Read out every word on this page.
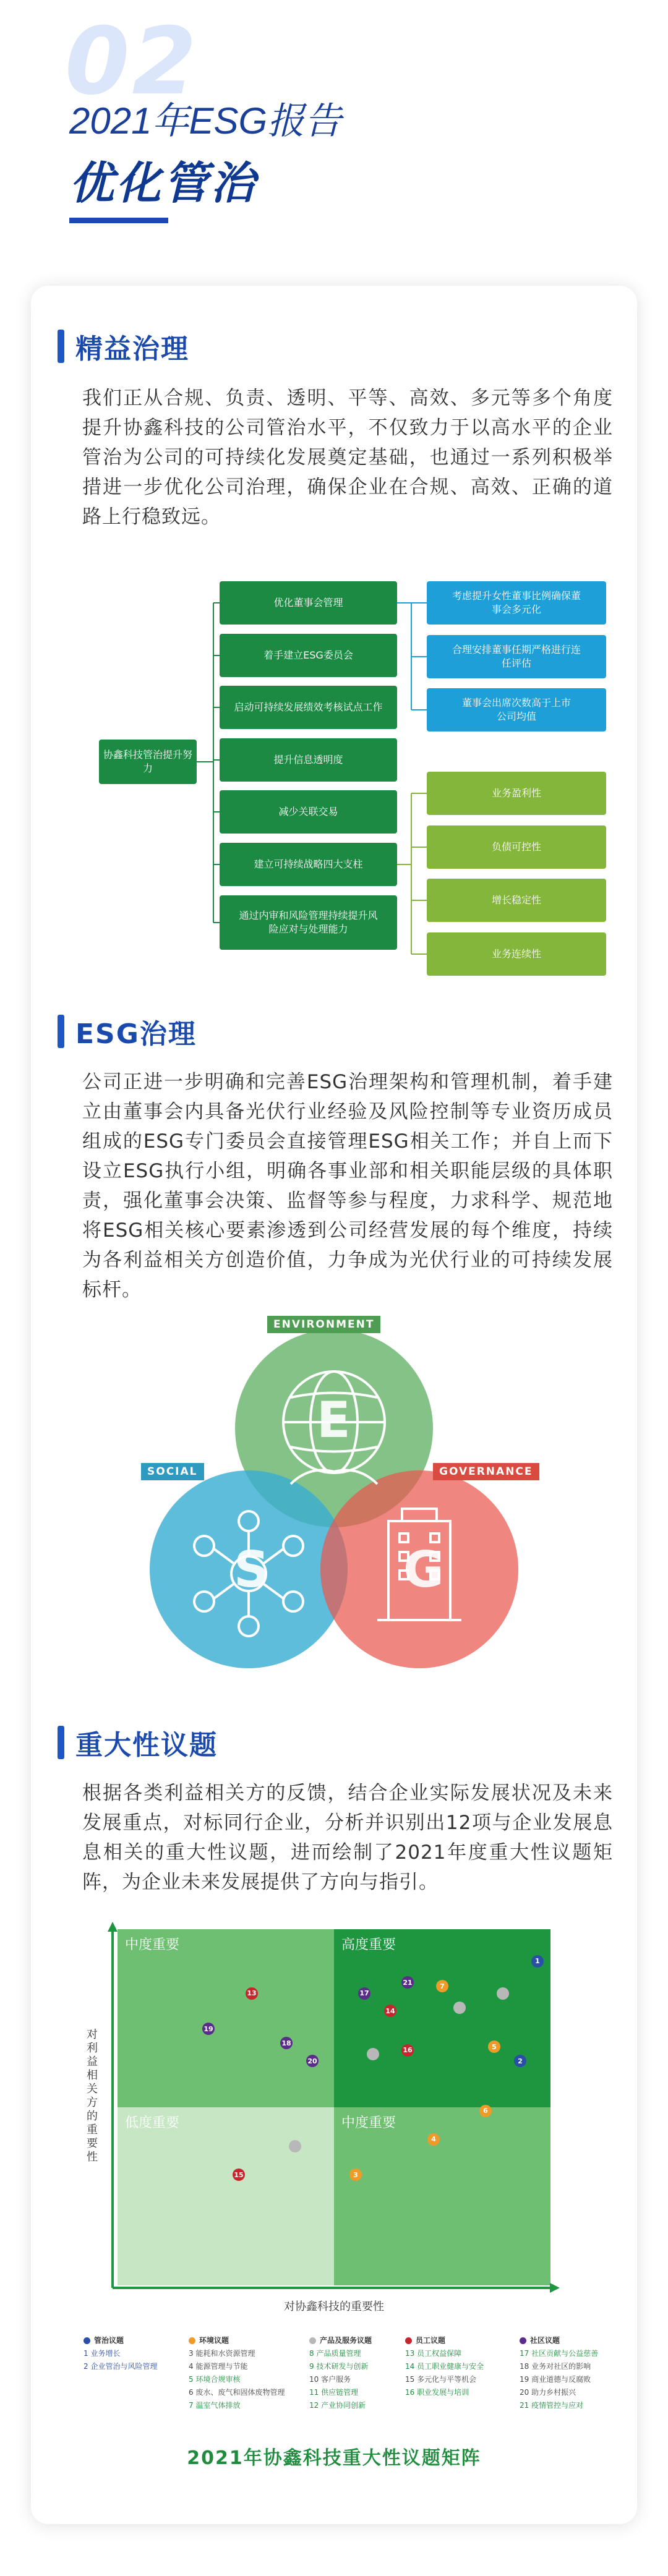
02
2021年ESG报告
优化管治
精益治理
我们正从合规、负责、透明、平等、高效、多元等多个角度提升协鑫科技的公司管治水平，不仅致力于以高水平的企业管治为公司的可持续化发展奠定基础，也通过一系列积极举措进一步优化公司治理，确保企业在合规、高效、正确的道路上行稳致远。
协鑫科技管治提升努力
优化董事会管理
着手建立ESG委员会
启动可持续发展绩效考核试点工作
提升信息透明度
减少关联交易
建立可持续战略四大支柱
通过内审和风险管理持续提升风险应对与处理能力
考虑提升女性董事比例确保董事会多元化
合理安排董事任期严格进行连任评估
董事会出席次数高于上市公司均值
业务盈利性
负债可控性
增长稳定性
业务连续性
ESG治理
公司正进一步明确和完善ESG治理架构和管理机制，着手建立由董事会内具备光伏行业经验及风险控制等专业资历成员组成的ESG专门委员会直接管理ESG相关工作；并自上而下设立ESG执行小组，明确各事业部和相关职能层级的具体职责，强化董事会决策、监督等参与程度，力求科学、规范地将ESG相关核心要素渗透到公司经营发展的每个维度，持续为各利益相关方创造价值，力争成为光伏行业的可持续发展标杆。
E
S	G
ENVIRONMENT
SOCIAL	GOVERNANCE
重大性议题
根据各类利益相关方的反馈，结合企业实际发展状况及未来发展重点，对标同行企业，分析并识别出12项与企业发展息息相关的重大性议题，进而绘制了2021年度重大性议题矩阵，为企业未来发展提供了方向与指引。
中度重要	高度重要
低度重要	中度重要
对利益相关方的重要性
对协鑫科技的重要性
13
19
18
20
1
21	7
17
14
16	5
2
6
4
3
15
管治议题
1 业务增长
2 企业管治与风险管理
环境议题
3 能耗和水资源管理
4 能源管理与节能
5 环境合规审核
6 废水、废气和固体废物管理
7 温室气体排放
产品及服务议题
8 产品质量管理
9 技术研发与创新
10 客户服务
11 供应链管理
12 产业协同创新
员工议题
13 员工权益保障
14 员工职业健康与安全
15 多元化与平等机会
16 职业发展与培训
社区议题
17 社区贡献与公益慈善
18 业务对社区的影响
19 商业道德与反腐败
20 助力乡村振兴
21 疫情管控与应对
2021年协鑫科技重大性议题矩阵
